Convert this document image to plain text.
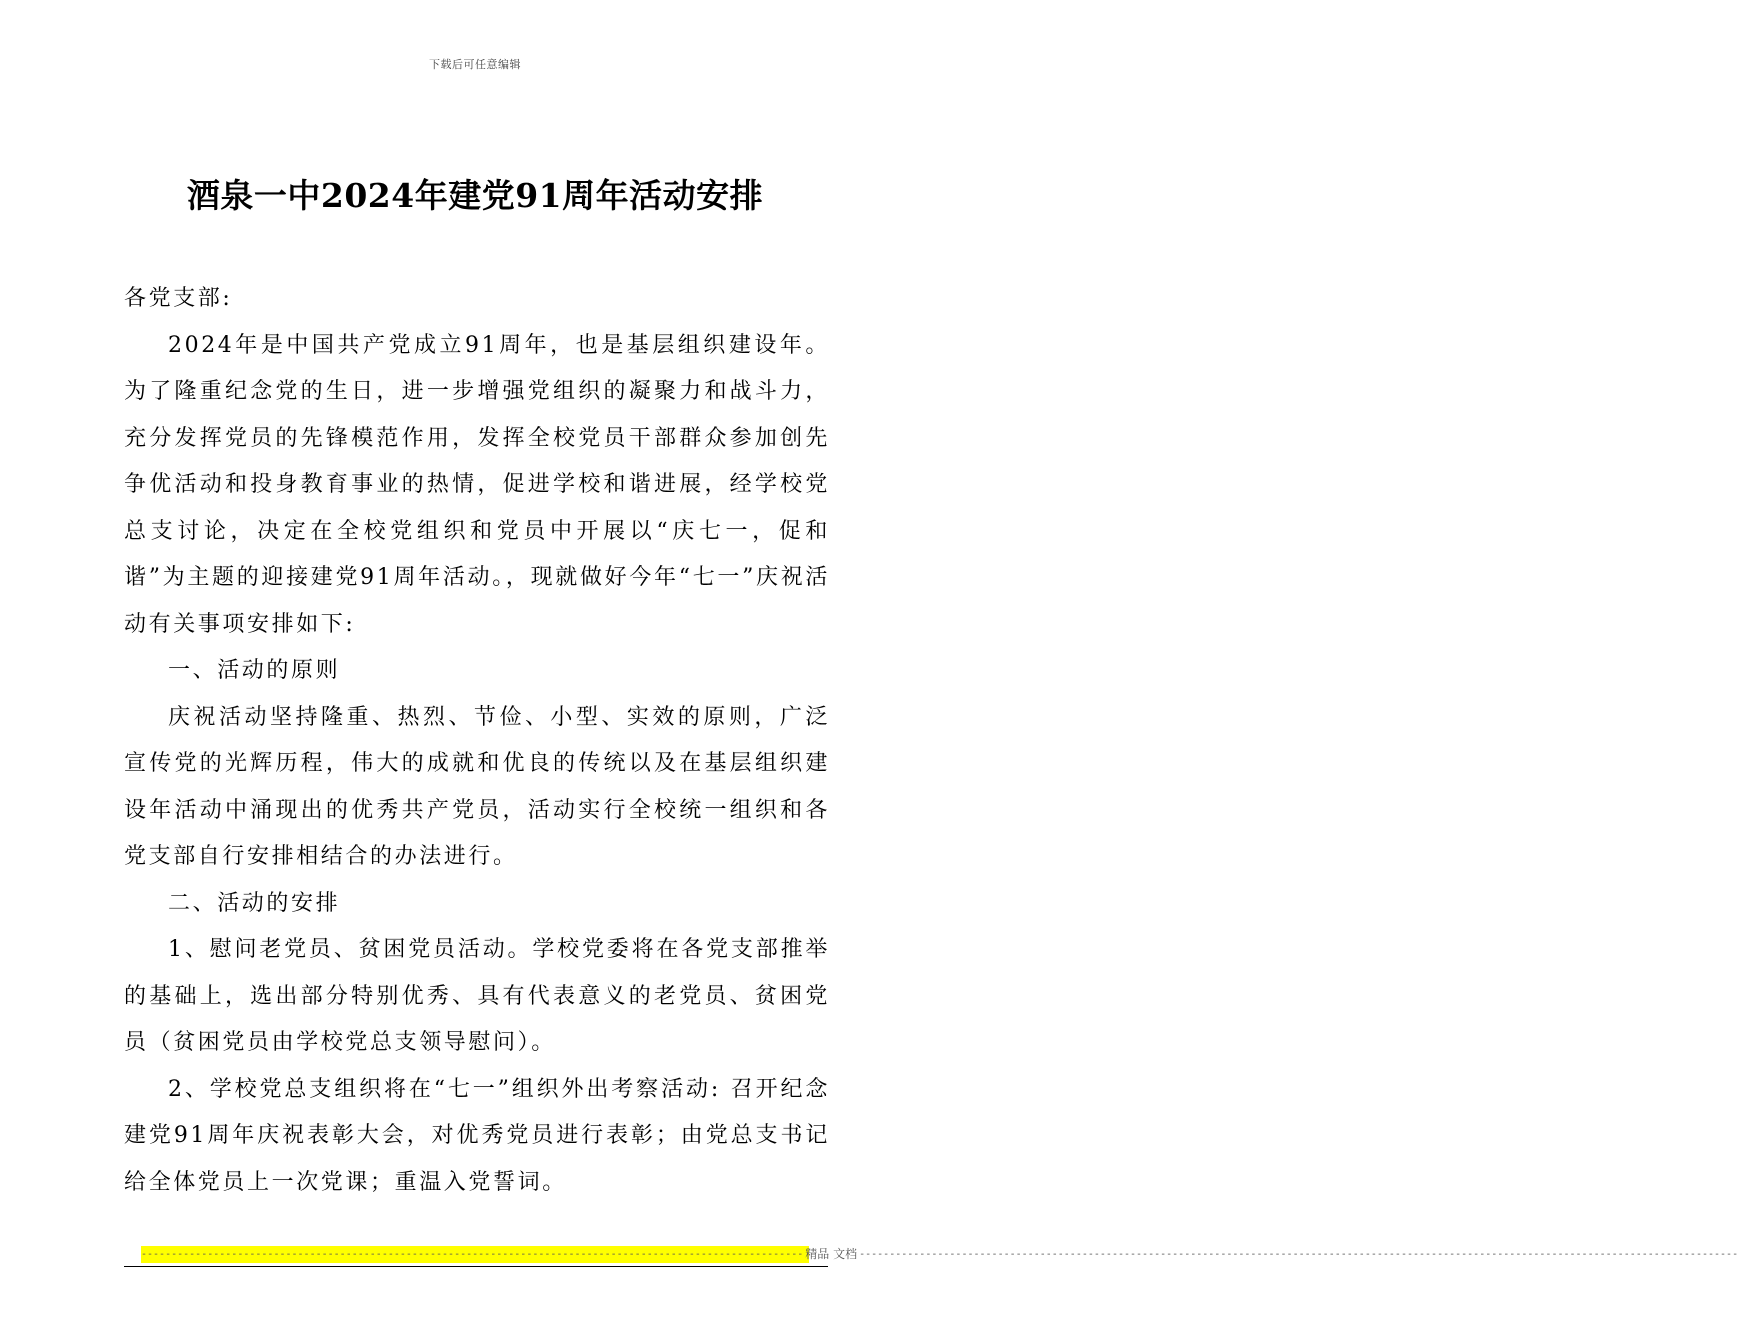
下载后可任意编辑
酒泉一中2024年建党91周年活动安排

各党支部:

2024年是中国共产党成立91周年，也是基层组织建设年。为了隆重纪念党的生日，进一步增强党组织的凝聚力和战斗力，充分发挥党员的先锋模范作用，发挥全校党员干部群众参加创先争优活动和投身教育事业的热情，促进学校和谐进展，经学校党总支讨论，决定在全校党组织和党员中开展以“庆七一，促和谐”为主题的迎接建党91周年活动。，现就做好今年“七一”庆祝活动有关事项安排如下:

一、活动的原则

庆祝活动坚持隆重、热烈、节俭、小型、实效的原则，广泛宣传党的光辉历程，伟大的成就和优良的传统以及在基层组织建设年活动中涌现出的优秀共产党员，活动实行全校统一组织和各党支部自行安排相结合的办法进行。

二、活动的安排

1、慰问老党员、贫困党员活动。学校党委将在各党支部推举的基础上，选出部分特别优秀、具有代表意义的老党员、贫困党员（贫困党员由学校党总支领导慰问）。

2、学校党总支组织将在“七一”组织外出考察活动: 召开纪念建党91周年庆祝表彰大会，对优秀党员进行表彰；由党总支书记给全体党员上一次党课；重温入党誓词。

-------------------------------------------------------------------------------------------------------------- 精品 文档 --------------------------------------------------------------------------------------------------------------------------------------------------
